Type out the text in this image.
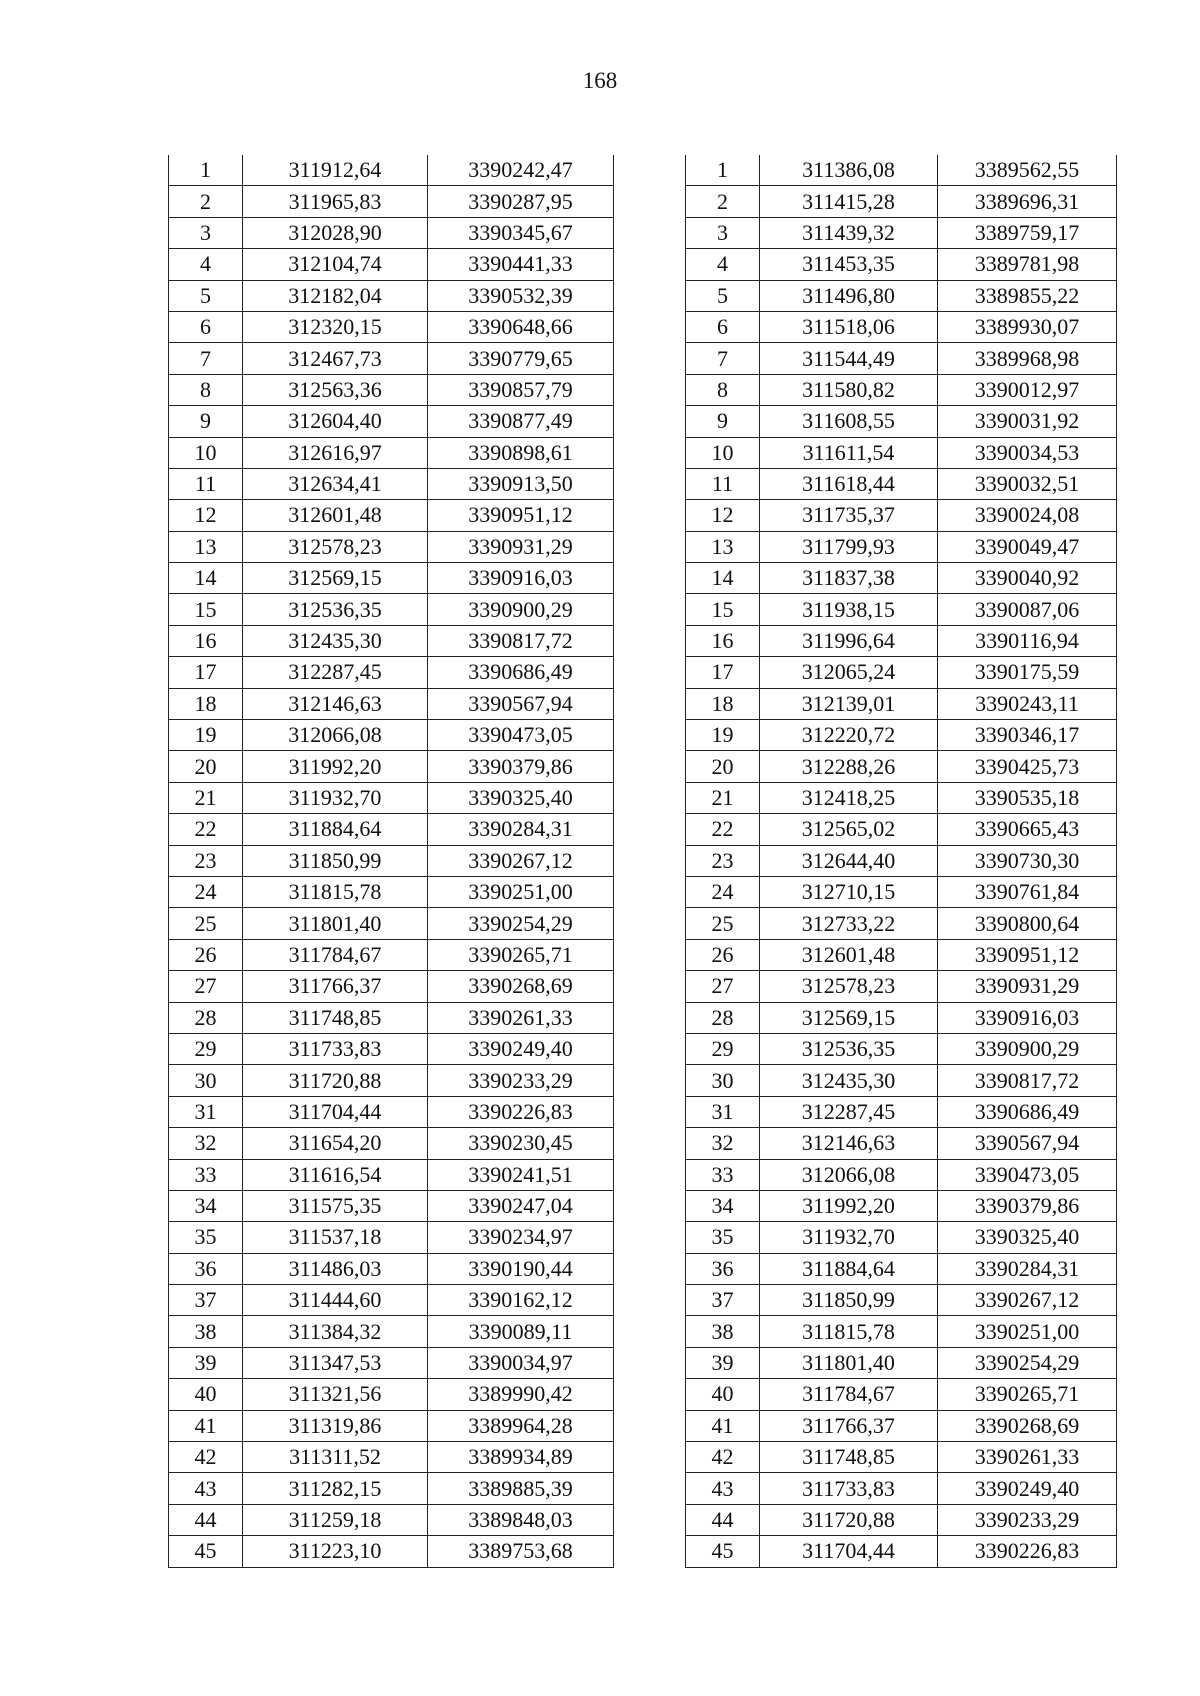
168
1	311912,64	3390242,47
2	311965,83	3390287,95
3	312028,90	3390345,67
4	312104,74	3390441,33
5	312182,04	3390532,39
6	312320,15	3390648,66
7	312467,73	3390779,65
8	312563,36	3390857,79
9	312604,40	3390877,49
10	312616,97	3390898,61
11	312634,41	3390913,50
12	312601,48	3390951,12
13	312578,23	3390931,29
14	312569,15	3390916,03
15	312536,35	3390900,29
16	312435,30	3390817,72
17	312287,45	3390686,49
18	312146,63	3390567,94
19	312066,08	3390473,05
20	311992,20	3390379,86
21	311932,70	3390325,40
22	311884,64	3390284,31
23	311850,99	3390267,12
24	311815,78	3390251,00
25	311801,40	3390254,29
26	311784,67	3390265,71
27	311766,37	3390268,69
28	311748,85	3390261,33
29	311733,83	3390249,40
30	311720,88	3390233,29
31	311704,44	3390226,83
32	311654,20	3390230,45
33	311616,54	3390241,51
34	311575,35	3390247,04
35	311537,18	3390234,97
36	311486,03	3390190,44
37	311444,60	3390162,12
38	311384,32	3390089,11
39	311347,53	3390034,97
40	311321,56	3389990,42
41	311319,86	3389964,28
42	311311,52	3389934,89
43	311282,15	3389885,39
44	311259,18	3389848,03
45	311223,10	3389753,68
1	311386,08	3389562,55
2	311415,28	3389696,31
3	311439,32	3389759,17
4	311453,35	3389781,98
5	311496,80	3389855,22
6	311518,06	3389930,07
7	311544,49	3389968,98
8	311580,82	3390012,97
9	311608,55	3390031,92
10	311611,54	3390034,53
11	311618,44	3390032,51
12	311735,37	3390024,08
13	311799,93	3390049,47
14	311837,38	3390040,92
15	311938,15	3390087,06
16	311996,64	3390116,94
17	312065,24	3390175,59
18	312139,01	3390243,11
19	312220,72	3390346,17
20	312288,26	3390425,73
21	312418,25	3390535,18
22	312565,02	3390665,43
23	312644,40	3390730,30
24	312710,15	3390761,84
25	312733,22	3390800,64
26	312601,48	3390951,12
27	312578,23	3390931,29
28	312569,15	3390916,03
29	312536,35	3390900,29
30	312435,30	3390817,72
31	312287,45	3390686,49
32	312146,63	3390567,94
33	312066,08	3390473,05
34	311992,20	3390379,86
35	311932,70	3390325,40
36	311884,64	3390284,31
37	311850,99	3390267,12
38	311815,78	3390251,00
39	311801,40	3390254,29
40	311784,67	3390265,71
41	311766,37	3390268,69
42	311748,85	3390261,33
43	311733,83	3390249,40
44	311720,88	3390233,29
45	311704,44	3390226,83
